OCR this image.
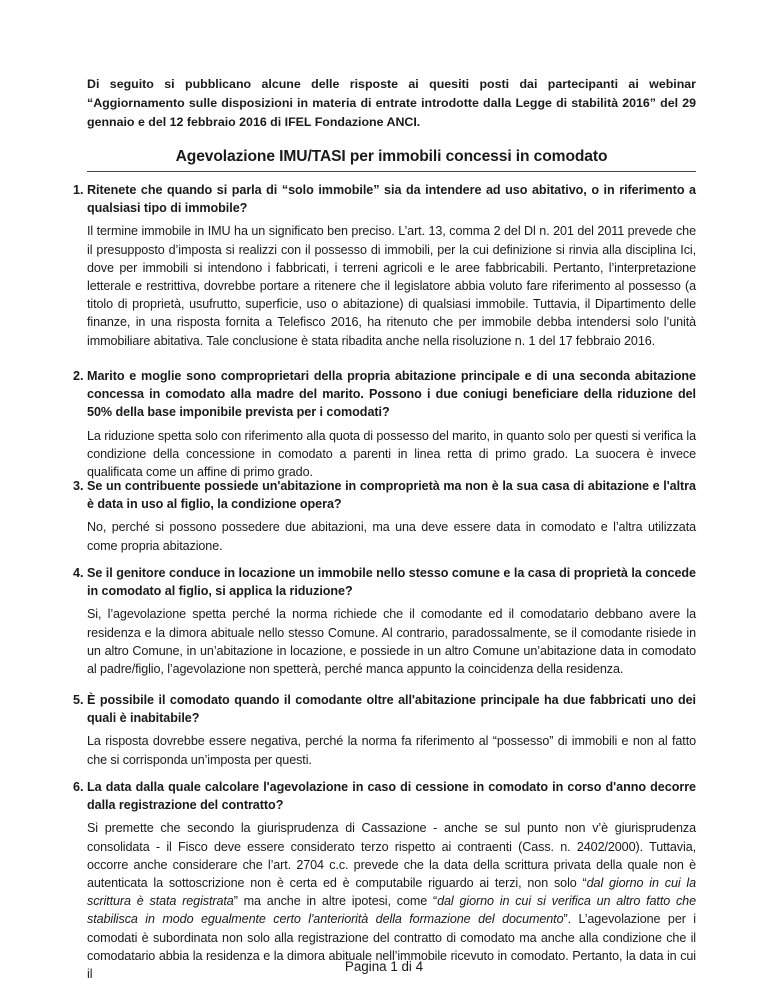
Di seguito si pubblicano alcune delle risposte ai quesiti posti dai partecipanti ai webinar “Aggiornamento sulle disposizioni in materia di entrate introdotte dalla Legge di stabilità 2016” del 29 gennaio e del 12 febbraio 2016 di IFEL Fondazione ANCI.
Agevolazione IMU/TASI per immobili concessi in comodato
1. Ritenete che quando si parla di “solo immobile” sia da intendere ad uso abitativo, o in riferimento a qualsiasi tipo di immobile?
Il termine immobile in IMU ha un significato ben preciso. L’art. 13, comma 2 del Dl n. 201 del 2011 prevede che il presupposto d’imposta si realizzi con il possesso di immobili, per la cui definizione si rinvia alla disciplina Ici, dove per immobili si intendono i fabbricati, i terreni agricoli e le aree fabbricabili. Pertanto, l’interpretazione letterale e restrittiva, dovrebbe portare a ritenere che il legislatore abbia voluto fare riferimento al possesso (a titolo di proprietà, usufrutto, superficie, uso o abitazione) di qualsiasi immobile. Tuttavia, il Dipartimento delle finanze, in una risposta fornita a Telefisco 2016, ha ritenuto che per immobile debba intendersi solo l’unità immobiliare abitativa. Tale conclusione è stata ribadita anche nella risoluzione n. 1 del 17 febbraio 2016.
2. Marito e moglie sono comproprietari della propria abitazione principale e di una seconda abitazione concessa in comodato alla madre del marito. Possono i due coniugi beneficiare della riduzione del 50% della base imponibile prevista per i comodati?
La riduzione spetta solo con riferimento alla quota di possesso del marito, in quanto solo per questi si verifica la condizione della concessione in comodato a parenti in linea retta di primo grado. La suocera è invece qualificata come un affine di primo grado.
3. Se un contribuente possiede un'abitazione in comproprietà ma non è la sua casa di abitazione e l'altra è data in uso al figlio, la condizione opera?
No, perché si possono possedere due abitazioni, ma una deve essere data in comodato e l’altra utilizzata come propria abitazione.
4. Se il genitore conduce in locazione un immobile nello stesso comune e la casa di proprietà la concede in comodato al figlio, si applica la riduzione?
Si, l’agevolazione spetta perché la norma richiede che il comodante ed il comodatario debbano avere la residenza e la dimora abituale nello stesso Comune. Al contrario, paradossalmente, se il comodante risiede in un altro Comune, in un’abitazione in locazione, e possiede in un altro Comune un’abitazione data in comodato al padre/figlio, l’agevolazione non spetterà, perché manca appunto la coincidenza della residenza.
5. È possibile il comodato quando il comodante oltre all'abitazione principale ha due fabbricati uno dei quali è inabitabile?
La risposta dovrebbe essere negativa, perché la norma fa riferimento al “possesso” di immobili e non al fatto che si corrisponda un’imposta per questi.
6. La data dalla quale calcolare l'agevolazione in caso di cessione in comodato in corso d'anno decorre dalla registrazione del contratto?
Si premette che secondo la giurisprudenza di Cassazione - anche se sul punto non v’è giurisprudenza consolidata - il Fisco deve essere considerato terzo rispetto ai contraenti (Cass. n. 2402/2000). Tuttavia, occorre anche considerare che l’art. 2704 c.c. prevede che la data della scrittura privata della quale non è autenticata la sottoscrizione non è certa ed è computabile riguardo ai terzi, non solo “dal giorno in cui la scrittura è stata registrata” ma anche in altre ipotesi, come “dal giorno in cui si verifica un altro fatto che stabilisca in modo egualmente certo l'anteriorità della formazione del documento”. L’agevolazione per i comodati è subordinata non solo alla registrazione del contratto di comodato ma anche alla condizione che il comodatario abbia la residenza e la dimora abituale nell’immobile ricevuto in comodato. Pertanto, la data in cui il
Pagina 1 di 4
